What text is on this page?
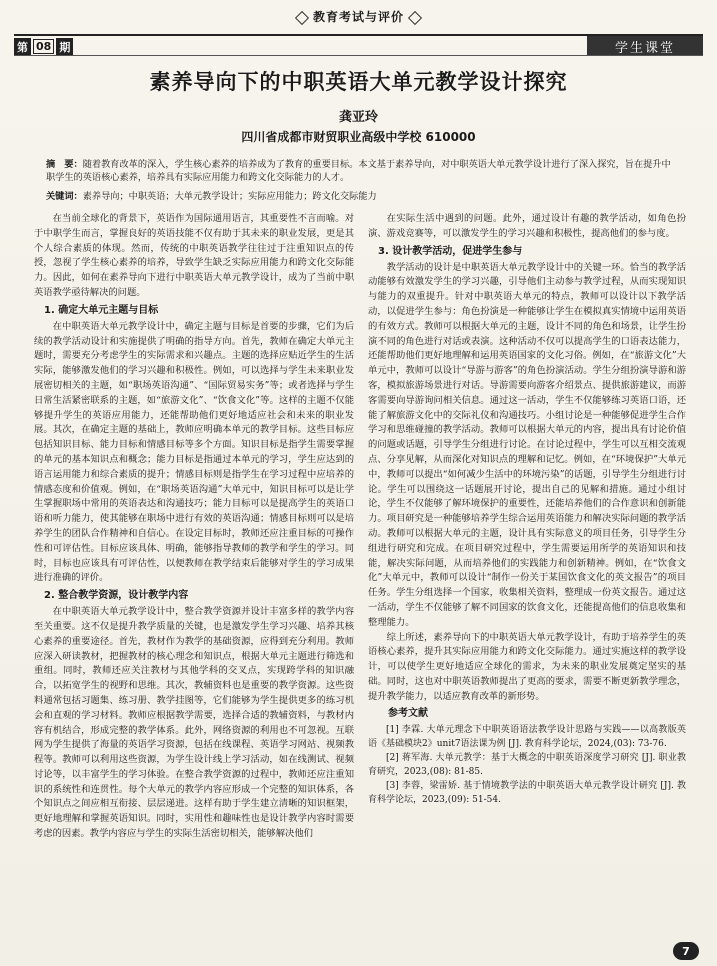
教育考试与评价
第 08 期	学生课堂
素养导向下的中职英语大单元教学设计探究
龚亚玲
四川省成都市财贸职业高级中学校 610000
摘　要：随着教育改革的深入，学生核心素养的培养成为了教育的重要目标。本文基于素养导向，对中职英语大单元教学设计进行了深入探究，旨在提升中职学生的英语核心素养，培养具有实际应用能力和跨文化交际能力的人才。
关键词：素养导向；中职英语；大单元教学设计；实际应用能力；跨文化交际能力

在当前全球化的背景下，英语作为国际通用语言，其重要性不言而喻。对于中职学生而言，掌握良好的英语技能不仅有助于其未来的职业发展，更是其个人综合素质的体现。然而，传统的中职英语教学往往过于注重知识点的传授，忽视了学生核心素养的培养，导致学生缺乏实际应用能力和跨文化交际能力。因此，如何在素养导向下进行中职英语大单元教学设计，成为了当前中职英语教学亟待解决的问题。

1. 确定大单元主题与目标

在中职英语大单元教学设计中，确定主题与目标是首要的步骤，它们为后续的教学活动设计和实施提供了明确的指导方向。首先，教师在确定大单元主题时，需要充分考虑学生的实际需求和兴趣点。主题的选择应贴近学生的生活实际，能够激发他们的学习兴趣和积极性。例如，可以选择与学生未来职业发展密切相关的主题，如“职场英语沟通”、“国际贸易实务”等；或者选择与学生日常生活紧密联系的主题，如“旅游文化”、“饮食文化”等。这样的主题不仅能够提升学生的英语应用能力，还能帮助他们更好地适应社会和未来的职业发展。其次，在确定主题的基础上，教师应明确本单元的教学目标。这些目标应包括知识目标、能力目标和情感目标等多个方面。知识目标是指学生需要掌握的单元的基本知识点和概念；能力目标是指通过本单元的学习，学生应达到的语言运用能力和综合素质的提升；情感目标则是指学生在学习过程中应培养的情感态度和价值观。例如，在“职场英语沟通”大单元中，知识目标可以是让学生掌握职场中常用的英语表达和沟通技巧；能力目标可以是提高学生的英语口语和听力能力，使其能够在职场中进行有效的英语沟通；情感目标则可以是培养学生的团队合作精神和自信心。在设定目标时，教师还应注重目标的可操作性和可评估性。目标应该具体、明确，能够指导教师的教学和学生的学习。同时，目标也应该具有可评估性，以便教师在教学结束后能够对学生的学习成果进行准确的评价。

2. 整合教学资源，设计教学内容

在中职英语大单元教学设计中，整合教学资源并设计丰富多样的教学内容至关重要。这不仅是提升教学质量的关键，也是激发学生学习兴趣、培养其核心素养的重要途径。首先，教材作为教学的基础资源，应得到充分利用。教师应深入研读教材，把握教材的核心理念和知识点，根据大单元主题进行筛选和重组。同时，教师还应关注教材与其他学科的交叉点，实现跨学科的知识融合，以拓宽学生的视野和思维。其次，教辅资料也是重要的教学资源。这些资料通常包括习题集、练习册、教学挂图等，它们能够为学生提供更多的练习机会和直观的学习材料。教师应根据教学需要，选择合适的教辅资料，与教材内容有机结合，形成完整的教学体系。此外，网络资源的利用也不可忽视。互联网为学生提供了海量的英语学习资源，包括在线课程、英语学习网站、视频教程等。教师可以利用这些资源，为学生设计线上学习活动，如在线测试、视频讨论等，以丰富学生的学习体验。在整合教学资源的过程中，教师还应注重知识的系统性和连贯性。每个大单元的教学内容应形成一个完整的知识体系，各个知识点之间应相互衔接、层层递进。这样有助于学生建立清晰的知识框架，更好地理解和掌握英语知识。同时，实用性和趣味性也是设计教学内容时需要考虑的因素。教学内容应与学生的实际生活密切相关，能够解决他们

在实际生活中遇到的问题。此外，通过设计有趣的教学活动，如角色扮演、游戏竞赛等，可以激发学生的学习兴趣和积极性，提高他们的参与度。

3. 设计教学活动，促进学生参与

教学活动的设计是中职英语大单元教学设计中的关键一环。恰当的教学活动能够有效激发学生的学习兴趣，引导他们主动参与教学过程，从而实现知识与能力的双重提升。针对中职英语大单元的特点，教师可以设计以下教学活动，以促进学生参与：角色扮演是一种能够让学生在模拟真实情境中运用英语的有效方式。教师可以根据大单元的主题，设计不同的角色和场景，让学生扮演不同的角色进行对话或表演。这种活动不仅可以提高学生的口语表达能力，还能帮助他们更好地理解和运用英语国家的文化习俗。例如，在“旅游文化”大单元中，教师可以设计“导游与游客”的角色扮演活动。学生分组扮演导游和游客，模拟旅游场景进行对话。导游需要向游客介绍景点、提供旅游建议，而游客需要向导游询问相关信息。通过这一活动，学生不仅能够练习英语口语，还能了解旅游文化中的交际礼仪和沟通技巧。小组讨论是一种能够促进学生合作学习和思维碰撞的教学活动。教师可以根据大单元的内容，提出具有讨论价值的问题或话题，引导学生分组进行讨论。在讨论过程中，学生可以互相交流观点、分享见解，从而深化对知识点的理解和记忆。例如，在“环境保护”大单元中，教师可以提出“如何减少生活中的环境污染”的话题，引导学生分组进行讨论。学生可以围绕这一话题展开讨论，提出自己的见解和措施。通过小组讨论，学生不仅能够了解环境保护的重要性，还能培养他们的合作意识和创新能力。项目研究是一种能够培养学生综合运用英语能力和解决实际问题的教学活动。教师可以根据大单元的主题，设计具有实际意义的项目任务，引导学生分组进行研究和完成。在项目研究过程中，学生需要运用所学的英语知识和技能，解决实际问题，从而培养他们的实践能力和创新精神。例如，在“饮食文化”大单元中，教师可以设计“制作一份关于某国饮食文化的英文报告”的项目任务。学生分组选择一个国家，收集相关资料，整理成一份英文报告。通过这一活动，学生不仅能够了解不同国家的饮食文化，还能提高他们的信息收集和整理能力。

综上所述，素养导向下的中职英语大单元教学设计，有助于培养学生的英语核心素养，提升其实际应用能力和跨文化交际能力。通过实施这样的教学设计，可以使学生更好地适应全球化的需求，为未来的职业发展奠定坚实的基础。同时，这也对中职英语教师提出了更高的要求，需要不断更新教学理念，提升教学能力，以适应教育改革的新形势。

参考文献

[1] 李霖. 大单元理念下中职英语语法教学设计思路与实践——以高教版英语《基础模块2》unit7语法课为例 [J]. 教育科学论坛，2024,(03): 73-76.

[2] 蒋军海. 大单元教学：基于大概念的中职英语深度学习研究 [J]. 职业教育研究，2023,(08): 81-85.

[3] 李蓉，梁雷娇. 基于情境教学法的中职英语大单元教学设计研究 [J]. 教育科学论坛，2023,(09): 51-54.

7
